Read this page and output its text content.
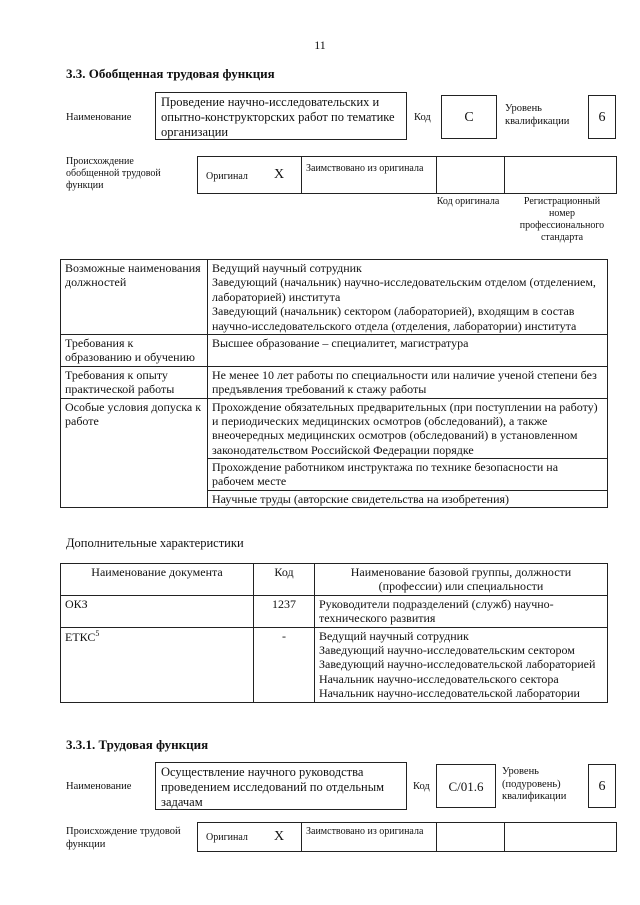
11
3.3. Обобщенная трудовая функция
Наименование
Проведение научно-исследовательских и опытно-конструкторских работ по тематике организации
Код	C
Уровень квалификации	6
Происхождение обобщенной трудовой функции
Оригинал X Заимствовано из оригинала
Код оригинала	Регистрационный номер профессионального стандарта
Возможные наименования должностей	Ведущий научный сотрудник
Заведующий (начальник) научно-исследовательским отделом (отделением, лабораторией) института
Заведующий (начальник) сектором (лабораторией), входящим в состав научно-исследовательского отдела (отделения, лаборатории) института

Требования к образованию и обучению	Высшее образование – специалитет, магистратура
Требования к опыту практической работы	Не менее 10 лет работы по специальности или наличие ученой степени без предъявления требований к стажу работы
Особые условия допуска к работе	Прохождение обязательных предварительных (при поступлении на работу) и периодических медицинских осмотров (обследований), а также внеочередных медицинских осмотров (обследований) в установленном законодательством Российской Федерации порядке
	Прохождение работником инструктажа по технике безопасности на рабочем месте
	Научные труды (авторские свидетельства на изобретения)
Дополнительные характеристики
Наименование документа	Код	Наименование базовой группы, должности (профессии) или специальности
ОКЗ	1237	Руководители подразделений (служб) научно-технического развития
ЕТКС$^5$	-	Ведущий научный сотрудник
Заведующий научно-исследовательским сектором
Заведующий научно-исследовательской лабораторией
Начальник научно-исследовательского сектора
Начальник научно-исследовательской лаборатории
3.3.1. Трудовая функция
Наименование
Осуществление научного руководства проведением исследований по отдельным задачам
Код	C/01.6
Уровень (подуровень) квалификации
6
Происхождение трудовой функции
Оригинал X Заимствовано из оригинала
